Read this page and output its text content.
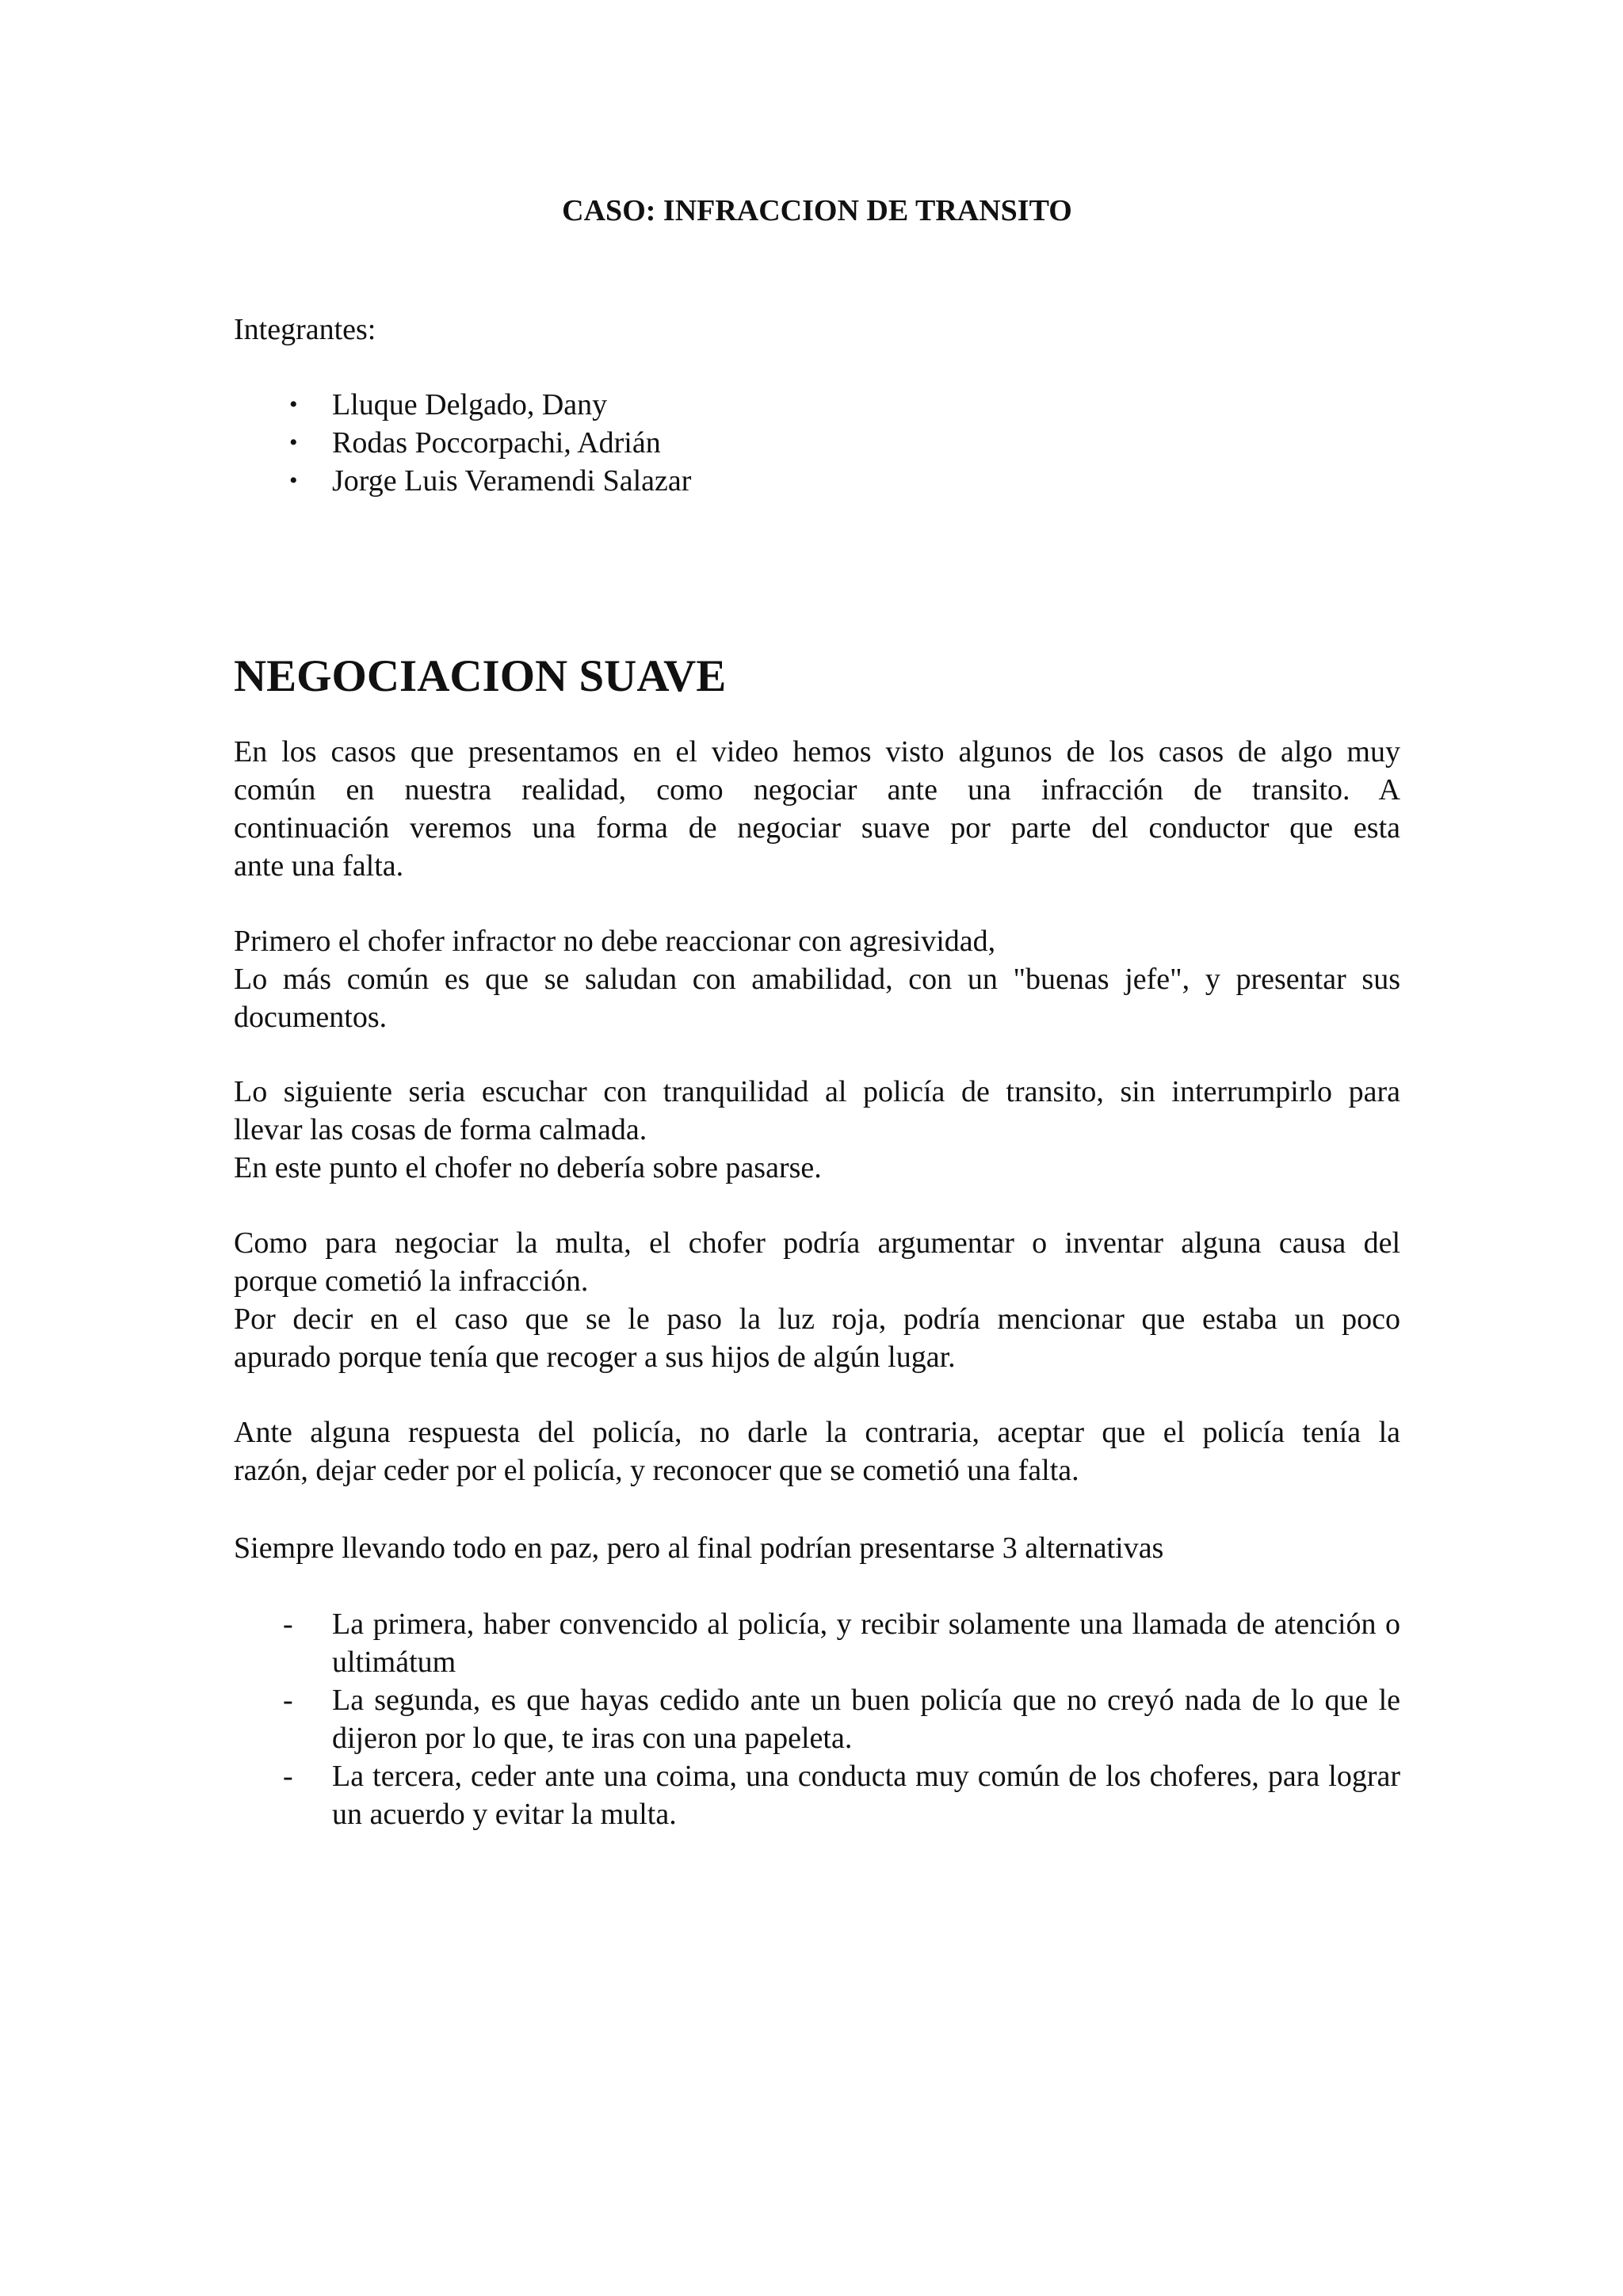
CASO: INFRACCION DE TRANSITO

Integrantes:

• Lluque Delgado, Dany
• Rodas Poccorpachi, Adrián
• Jorge Luis Veramendi Salazar
NEGOCIACION SUAVE
En los casos que presentamos en el video hemos visto algunos de los casos de algo muy
común en nuestra realidad, como negociar ante una infracción de transito. A
continuación veremos una forma de negociar suave por parte del conductor que esta
ante una falta.
Primero el chofer infractor no debe reaccionar con agresividad,
Lo más común es que se saludan con amabilidad, con un "buenas jefe", y presentar sus
documentos.
Lo siguiente seria escuchar con tranquilidad al policía de transito, sin interrumpirlo para
llevar las cosas de forma calmada.
En este punto el chofer no debería sobre pasarse.
Como para negociar la multa, el chofer podría argumentar o inventar alguna causa del
porque cometió la infracción.
Por decir en el caso que se le paso la luz roja, podría mencionar que estaba un poco
apurado porque tenía que recoger a sus hijos de algún lugar.
Ante alguna respuesta del policía, no darle la contraria, aceptar que el policía tenía la
razón, dejar ceder por el policía, y reconocer que se cometió una falta.
Siempre llevando todo en paz, pero al final podrían presentarse 3 alternativas
- La primera, haber convencido al policía, y recibir solamente una llamada de atención o ultimátum
- La segunda, es que hayas cedido ante un buen policía que no creyó nada de lo que le dijeron por lo que, te iras con una papeleta.
- La tercera, ceder ante una coima, una conducta muy común de los choferes, para lograr un acuerdo y evitar la multa.
